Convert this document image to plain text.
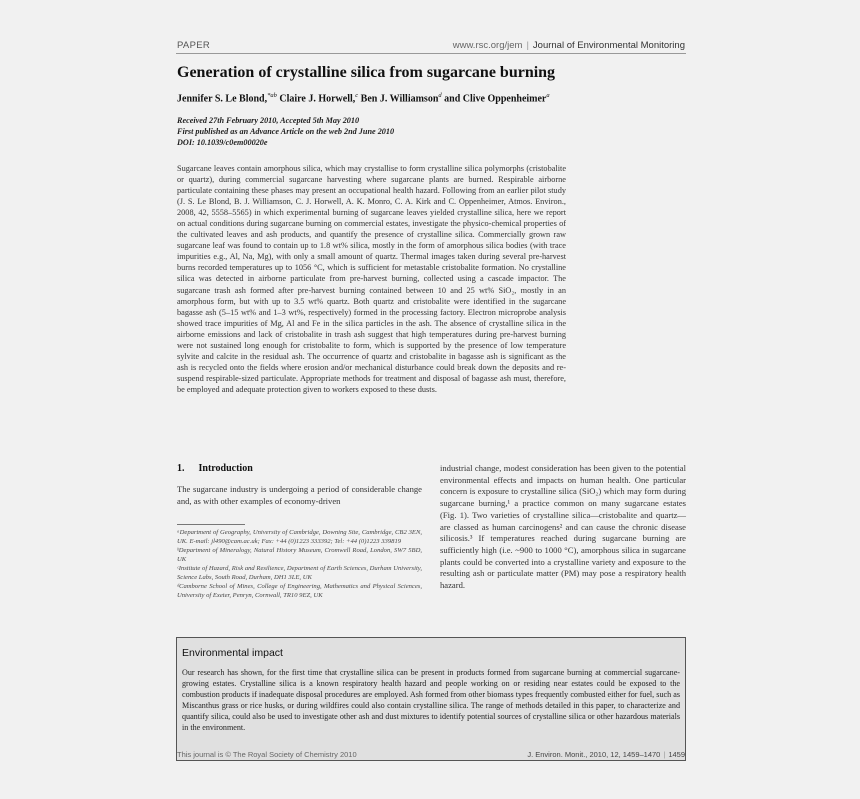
PAPER	www.rsc.org/jem | Journal of Environmental Monitoring
Generation of crystalline silica from sugarcane burning
Jennifer S. Le Blond,$^{*ab}$ Claire J. Horwell,$^c$ Ben J. Williamson$^d$ and Clive Oppenheimer$^a$
Received 27th February 2010, Accepted 5th May 2010
First published as an Advance Article on the web 2nd June 2010
DOI: 10.1039/c0em00020e

Sugarcane leaves contain amorphous silica, which may crystallise to form crystalline silica polymorphs (cristobalite or quartz), during commercial sugarcane harvesting where sugarcane plants are burned. Respirable airborne particulate containing these phases may present an occupational health hazard. Following from an earlier pilot study (J. S. Le Blond, B. J. Williamson, C. J. Horwell, A. K. Monro, C. A. Kirk and C. Oppenheimer, Atmos. Environ., 2008, 42, 5558–5565) in which experimental burning of sugarcane leaves yielded crystalline silica, here we report on actual conditions during sugarcane burning on commercial estates, investigate the physico-chemical properties of the cultivated leaves and ash products, and quantify the presence of crystalline silica. Commercially grown raw sugarcane leaf was found to contain up to 1.8 wt% silica, mostly in the form of amorphous silica bodies (with trace impurities e.g., Al, Na, Mg), with only a small amount of quartz. Thermal images taken during several pre-harvest burns recorded temperatures up to 1056 °C, which is sufficient for metastable cristobalite formation. No crystalline silica was detected in airborne particulate from pre-harvest burning, collected using a cascade impactor. The sugarcane trash ash formed after pre-harvest burning contained between 10 and 25 wt% SiO₂, mostly in an amorphous form, but with up to 3.5 wt% quartz. Both quartz and cristobalite were identified in the sugarcane bagasse ash (5–15 wt% and 1–3 wt%, respectively) formed in the processing factory. Electron microprobe analysis showed trace impurities of Mg, Al and Fe in the silica particles in the ash. The absence of crystalline silica in the airborne emissions and lack of cristobalite in trash ash suggest that high temperatures during pre-harvest burning were not sustained long enough for cristobalite to form, which is supported by the presence of low temperature sylvite and calcite in the residual ash. The occurrence of quartz and cristobalite in bagasse ash is significant as the ash is recycled onto the fields where erosion and/or mechanical disturbance could break down the deposits and re-suspend respirable-sized particulate. Appropriate methods for treatment and disposal of bagasse ash must, therefore, be employed and adequate protection given to workers exposed to these dusts.

1. Introduction

The sugarcane industry is undergoing a period of considerable change and, as with other examples of economy-driven

ᵃDepartment of Geography, University of Cambridge, Downing Site, Cambridge, CB2 3EN, UK. E-mail: jl490@cam.ac.uk; Fax: +44 (0)1223 333392; Tel: +44 (0)1223 339819

ᵇDepartment of Mineralogy, Natural History Museum, Cromwell Road, London, SW7 5BD, UK

ᶜInstitute of Hazard, Risk and Resilience, Department of Earth Sciences, Durham University, Science Labs, South Road, Durham, DH1 3LE, UK

ᵈCamborne School of Mines, College of Engineering, Mathematics and Physical Sciences, University of Exeter, Penryn, Cornwall, TR10 9EZ, UK

industrial change, modest consideration has been given to the potential environmental effects and impacts on human health. One particular concern is exposure to crystalline silica (SiO₂) which may form during sugarcane burning,¹ a practice common on many sugarcane estates (Fig. 1). Two varieties of crystalline silica—cristobalite and quartz—are classed as human carcinogens² and can cause the chronic disease silicosis.³ If temperatures reached during sugarcane burning are sufficiently high (i.e. ~900 to 1000 °C), amorphous silica in sugarcane plants could be converted into a crystalline variety and exposure to the resulting ash or particulate matter (PM) may pose a respiratory health hazard.

Environmental impact

Our research has shown, for the first time that crystalline silica can be present in products formed from sugarcane burning at commercial sugarcane-growing estates. Crystalline silica is a known respiratory health hazard and people working on or residing near estates could be exposed to the combustion products if inadequate disposal procedures are employed. Ash formed from other biomass types frequently combusted either for fuel, such as Miscanthus grass or rice husks, or during wildfires could also contain crystalline silica. The range of methods detailed in this paper, to characterize and quantify silica, could also be used to investigate other ash and dust mixtures to identify potential sources of crystalline silica or other hazardous materials in the environment.

This journal is © The Royal Society of Chemistry 2010	J. Environ. Monit., 2010, 12, 1459–1470 | 1459
